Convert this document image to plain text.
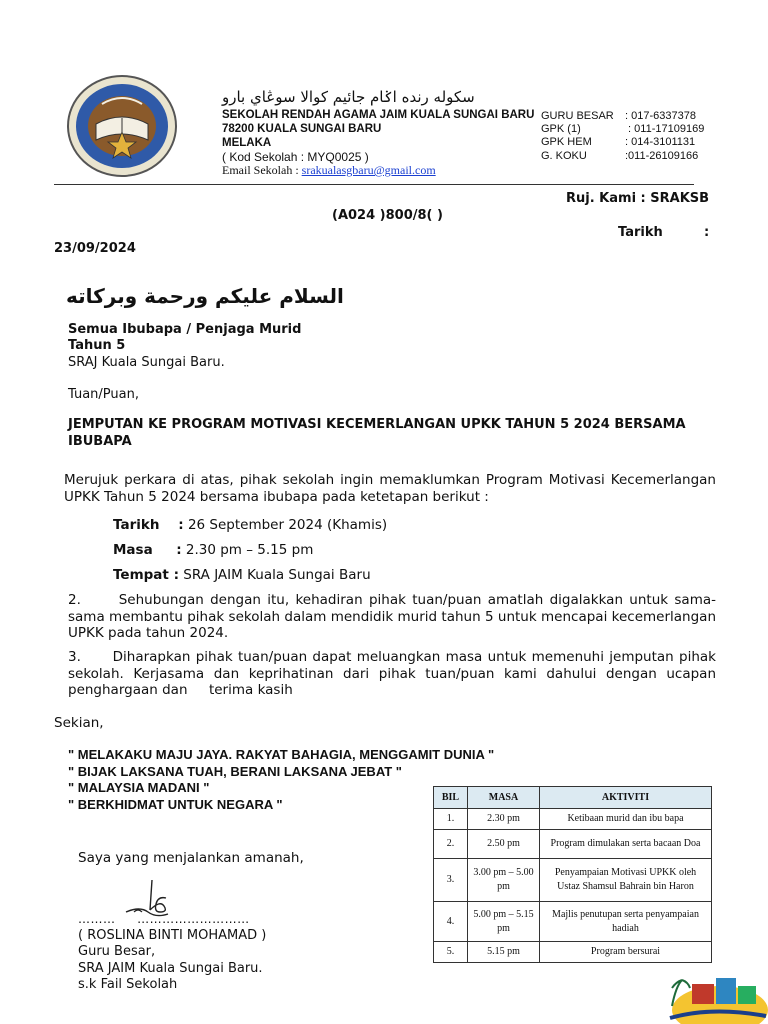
سکوله رنده اݢام جائيم کوالا سوڠاي بارو
SEKOLAH RENDAH AGAMA JAIM KUALA SUNGAI BARU
78200 KUALA SUNGAI BARU
MELAKA
( Kod Sekolah : MYQ0025 )
Email Sekolah : srakualasgbaru@gmail.com
GURU BESAR : 017-6337378
GPK (1)	: 011-17109169
GPK HEM	: 014-3101131
G. KOKU	:011-26109166
Ruj. Kami : SRAKSB
(A024 )800/8( )
Tarikh	:
23/09/2024
السلام عليكم ورحمة وبركاته
Semua Ibubapa / Penjaga Murid
Tahun 5
SRAJ Kuala Sungai Baru.
Tuan/Puan,
JEMPUTAN KE PROGRAM MOTIVASI KECEMERLANGAN UPKK TAHUN 5 2024 BERSAMA IBUBAPA
Merujuk perkara di atas, pihak sekolah ingin memaklumkan Program Motivasi Kecemerlangan UPKK Tahun 5 2024 bersama ibubapa pada ketetapan berikut :
Tarikh    : 26 September 2024 (Khamis)
Masa     : 2.30 pm – 5.15 pm
Tempat : SRA JAIM Kuala Sungai Baru
2.      Sehubungan dengan itu, kehadiran pihak tuan/puan amatlah digalakkan untuk sama-sama membantu pihak sekolah dalam mendidik murid tahun 5 untuk mencapai kecemerlangan UPKK pada tahun 2024.
3.      Diharapkan pihak tuan/puan dapat meluangkan masa untuk memenuhi jemputan pihak sekolah. Kerjasama dan keprihatinan dari pihak tuan/puan kami dahului dengan ucapan penghargaan dan     terima kasih
Sekian,
" MELAKAKU MAJU JAYA. RAKYAT BAHAGIA, MENGGAMIT DUNIA "
" BIJAK LAKSANA TUAH, BERANI LAKSANA JEBAT "
" MALAYSIA MADANI "
" BERKHIDMAT UNTUK NEGARA "
Saya yang menjalankan amanah,
………     ………………………
( ROSLINA BINTI MOHAMAD )
Guru Besar,
SRA JAIM Kuala Sungai Baru.
s.k Fail Sekolah
BIL	MASA	AKTIVITI
1.	2.30 pm	Ketibaan murid dan ibu bapa
2.	2.50 pm	Program dimulakan serta bacaan Doa
3.	3.00 pm – 5.00 pm	Penyampaian Motivasi UPKK oleh Ustaz Shamsul Bahrain bin Haron
4.	5.00 pm – 5.15 pm	Majlis penutupan serta penyampaian hadiah
5.	5.15 pm	Program bersurai
